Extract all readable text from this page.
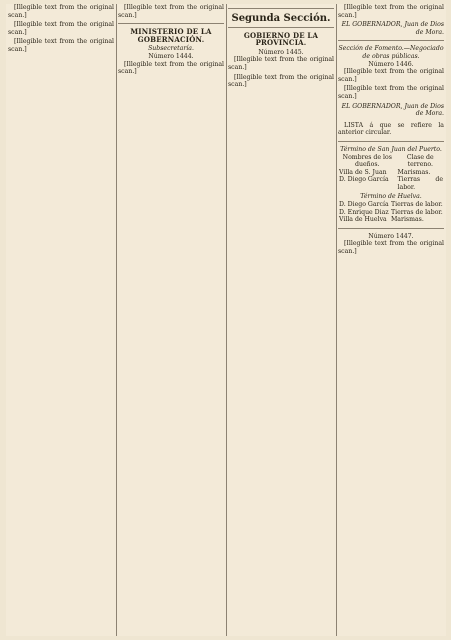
[Illegible text from the original scan.]

[Illegible text from the original scan.]

[Illegible text from the original scan.]

[Illegible text from the original scan.]

MINISTERIO DE LA GOBERNACIÓN.
Subsecretaría.
Número 1444.

[Illegible text from the original scan.]

Segunda Sección.
GOBIERNO DE LA PROVINCIA.
Número 1445.

[Illegible text from the original scan.]

[Illegible text from the original scan.]

[Illegible text from the original scan.]

EL GOBERNADOR, Juan de Dios de Mora.
Sección de Fomento.—Negociado de obras públicas.
Número 1446.

[Illegible text from the original scan.]

[Illegible text from the original scan.]

EL GOBERNADOR, Juan de Dios de Mora.
LISTA á que se refiere la anterior circular.
Término de San Juan del Puerto.
Nombres de los dueños.	Clase de terreno.
Villa de S. Juan	Marismas.
D. Diego García	Tierras de labor.
Término de Huelva.
D. Diego García	Tierras de labor.
D. Enrique Diaz	Tierras de labor.
Villa de Huelva	Marismas.
Número 1447.

[Illegible text from the original scan.]
